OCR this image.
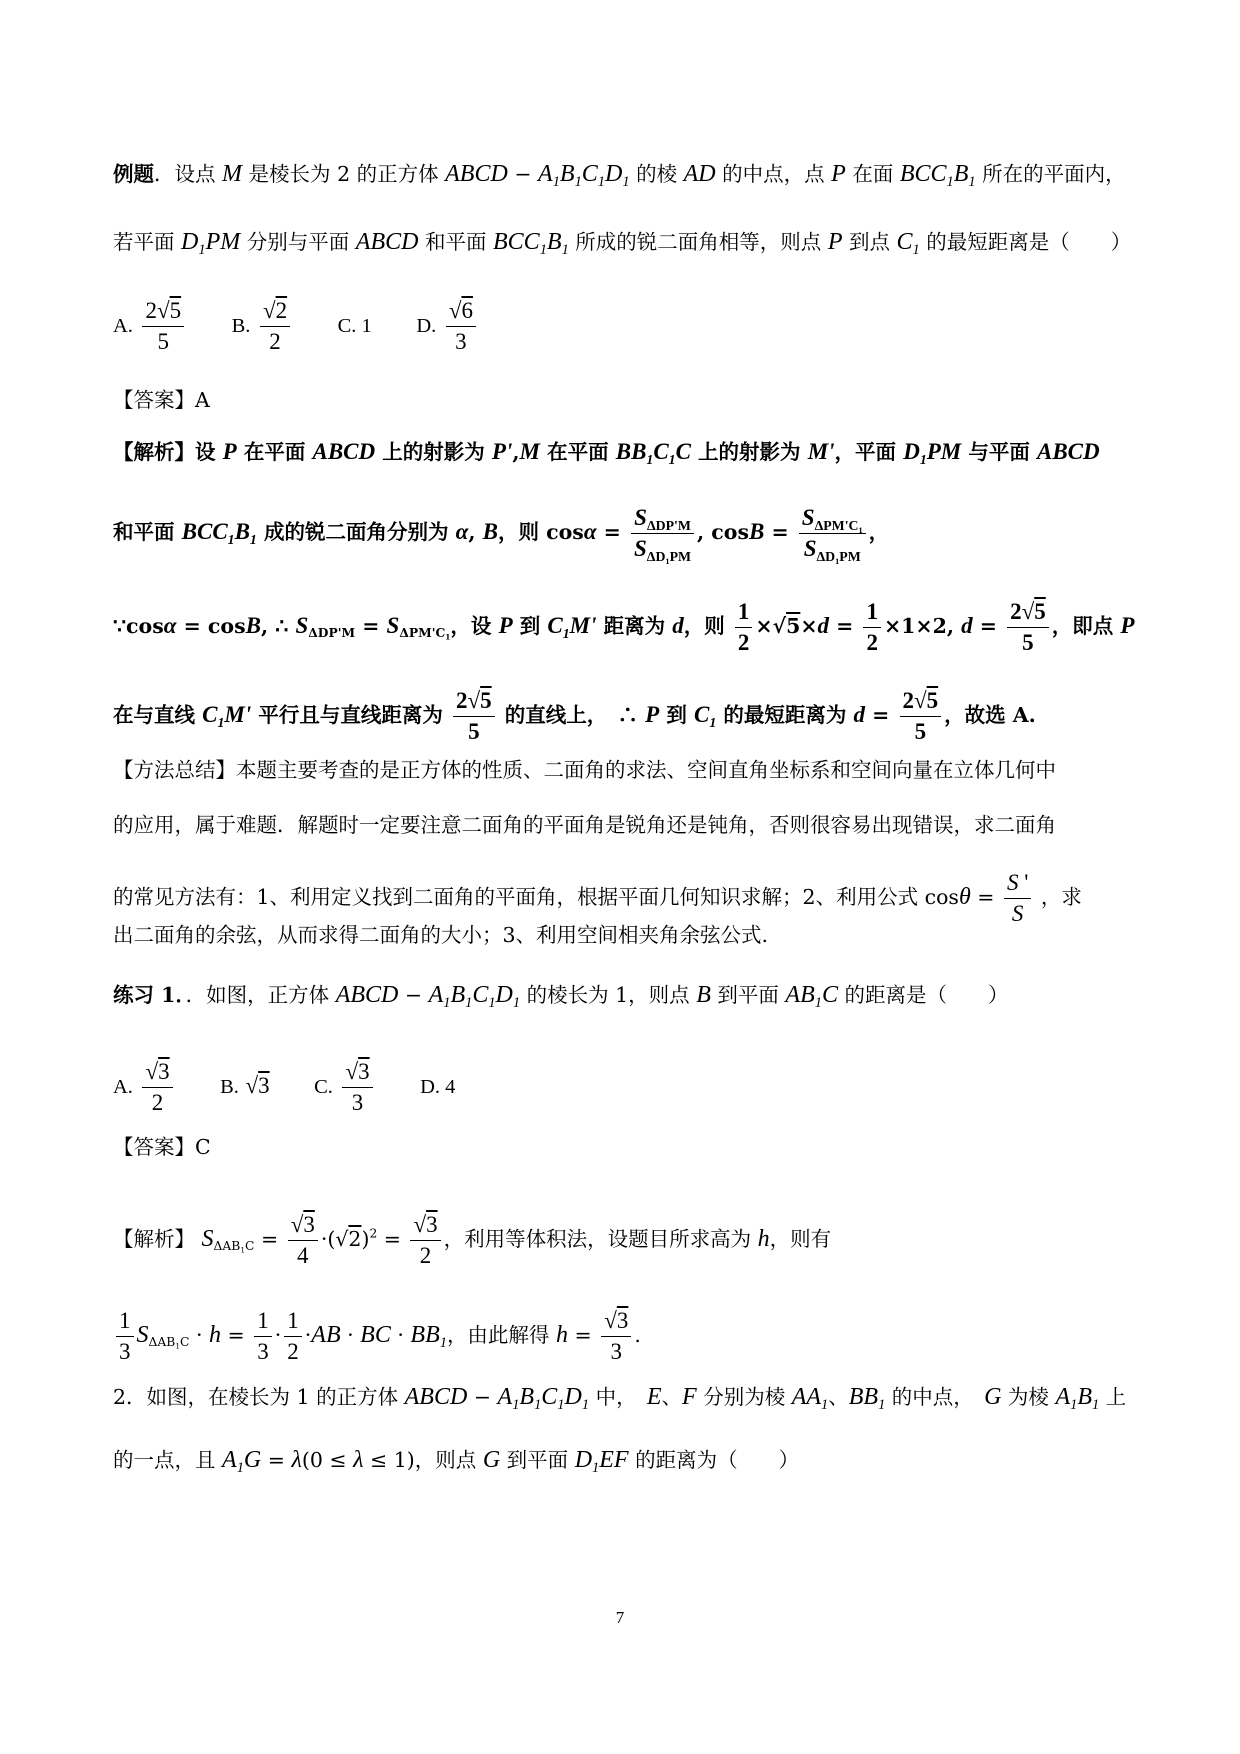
例题．设点 M 是棱长为 2 的正方体 ABCD − $A_1B_1C_1D_1$ 的棱 AD 的中点，点 P 在面 $BCC_1B_1$ 所在的平面内，
若平面 $D_1PM$ 分别与平面 ABCD 和平面 $BCC_1B_1$ 所成的锐二面角相等，则点 P 到点 $C_1$ 的最短距离是（　　）
A. $\frac{2√5}{5} B$. $\frac{√2}{2} C$. 1 D. $\frac{√6}{3}$
【答案】A
【解析】设 P 在平面 ABCD 上的射影为 P',M 在平面 $BB_1C_1C$ 上的射影为 M'，平面 $D_1PM$ 与平面 ABCD
和平面 $BCC_1B_1$ 成的锐二面角分别为 α, B，则 $\cos\alpha = \frac{S_{\Delta DP'M}}{S_{\Delta D_1PM}}$ , $\cos B = \frac{S_{\Delta PM'C_1}}{S_{\Delta D_1PM}}$ ，
∵cosα = cosB, ∴ $S_{\Delta DP'M} = S_{\Delta PM'C_1}$，设 P 到 $C_1M'$ 距离为 d，则 $\frac{1}{2} \times√5\times d = \frac{1}{2} \times 1\times 2$, $d = \frac{2√5}{5}$ ，即点 P
在与直线 $C_1M'$ 平行且与直线距离为 $\frac{2√5}{5}$ 的直线上，　∴ P 到 $C_1$ 的最短距离为 $d = \frac{2√5}{5}$ ，故选 A.
【方法总结】本题主要考查的是正方体的性质、二面角的求法、空间直角坐标系和空间向量在立体几何中
的应用，属于难题．解题时一定要注意二面角的平面角是锐角还是钝角，否则很容易出现错误，求二面角
的常见方法有：1、利用定义找到二面角的平面角，根据平面几何知识求解；2、利用公式 $\cos\theta = \frac{S '}{S}$ ，求
出二面角的余弦，从而求得二面角的大小；3、利用空间相夹角余弦公式.
练习 1．．如图，正方体 ABCD − $A_1B_1C_1D_1$ 的棱长为 1，则点 B 到平面 $AB_1C$ 的距离是（　　）
A. $\frac{√3}{2} B$. √3 C. $\frac{√3}{3} D$. 4
【答案】C
【解析】 $S_{\Delta AB_1C} = \frac{√3}{4} \cdot(√2)^2 = \frac{√3}{2}$ ，利用等体积法，设题目所求高为 h，则有
$\frac{1}{3} S_{\Delta AB_1C} \cdot h = \frac{1}{3} \cdot \frac{1}{2} \cdot AB$ · BC · $BB_1$，由此解得 $h = \frac{√3}{3}$ .
2．如图，在棱长为 1 的正方体 ABCD − $A_1B_1C_1D_1$ 中，　E、F 分别为棱 $AA_1$、$BB_1$ 的中点，　G 为棱 $A_1B_1$ 上
的一点，且 $A_1G = \lambda(0 \le \lambda \le 1)$，则点 G 到平面 $D_1EF$ 的距离为（　　）
7
